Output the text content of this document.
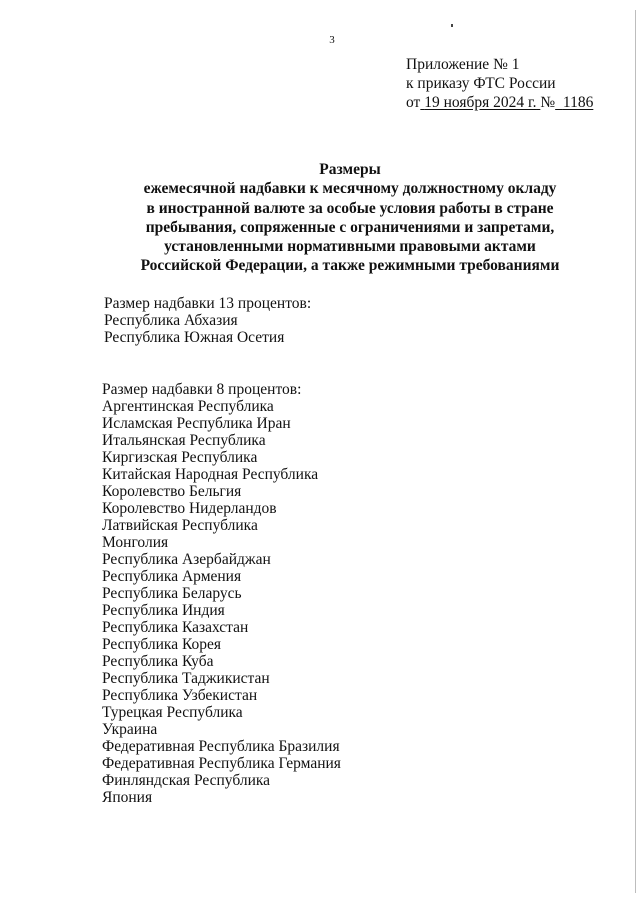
3
Приложение № 1
к приказу ФТС России
от 19 ноября 2024 г. № 1186
Размеры
ежемесячной надбавки к месячному должностному окладу
в иностранной валюте за особые условия работы в стране
пребывания, сопряженные с ограничениями и запретами,
установленными нормативными правовыми актами
Российской Федерации, а также режимными требованиями
Размер надбавки 13 процентов:
Республика Абхазия
Республика Южная Осетия
Размер надбавки 8 процентов:
Аргентинская Республика
Исламская Республика Иран
Итальянская Республика
Киргизская Республика
Китайская Народная Республика
Королевство Бельгия
Королевство Нидерландов
Латвийская Республика
Монголия
Республика Азербайджан
Республика Армения
Республика Беларусь
Республика Индия
Республика Казахстан
Республика Корея
Республика Куба
Республика Таджикистан
Республика Узбекистан
Турецкая Республика
Украина
Федеративная Республика Бразилия
Федеративная Республика Германия
Финляндская Республика
Япония
